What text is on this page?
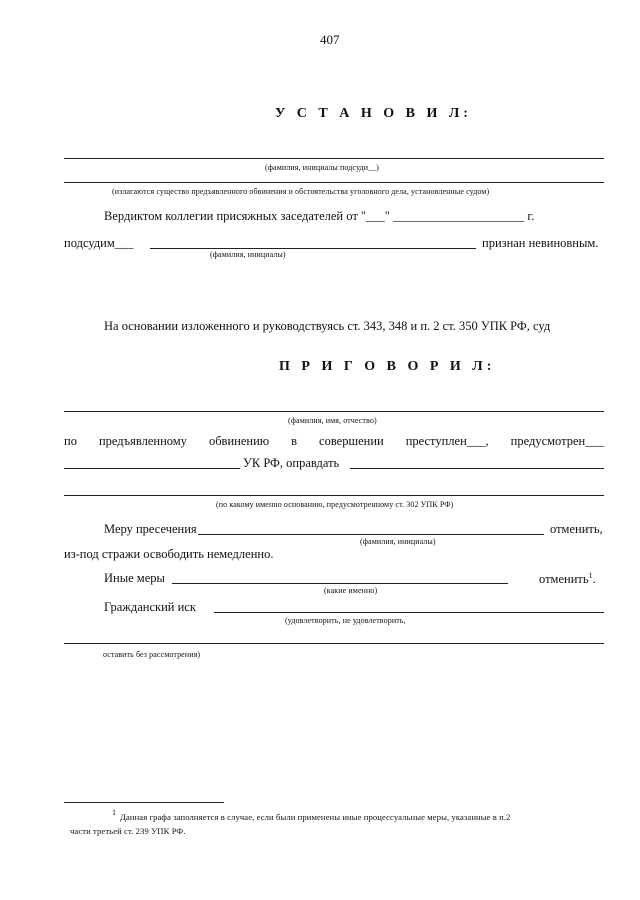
407
У С Т А Н О В И Л:
(фамилия, инициалы подсуди__)
(излагаются существо предъявленного обвинения и обстоятельства уголовного дела, установленные судом)
Вердиктом коллегии присяжных заседателей от "___" _____________________ г.
подсудим___	признан невиновным.
(фамилия, инициалы)
На основании изложенного и руководствуясь ст. 343, 348 и п. 2 ст. 350 УПК РФ, суд
П Р И Г О В О Р И Л:
(фамилия, имя, отчество)
по предъявленному обвинению в совершении преступлен___, предусмотрен___
УК РФ, оправдать
(по какому именно основанию, предусмотренному ст. 302 УПК РФ)
Меру пресечения	отменить,
(фамилия, инициалы)
из-под стражи освободить немедленно.
Иные меры	отменить$^1$.
(какие именно)
Гражданский иск
(удовлетворить, не удовлетворить,
оставить без рассмотрения)
1 Данная графа заполняется в случае, если были применены иные процессуальные меры, указанные в п.2
части третьей ст. 239 УПК РФ.
